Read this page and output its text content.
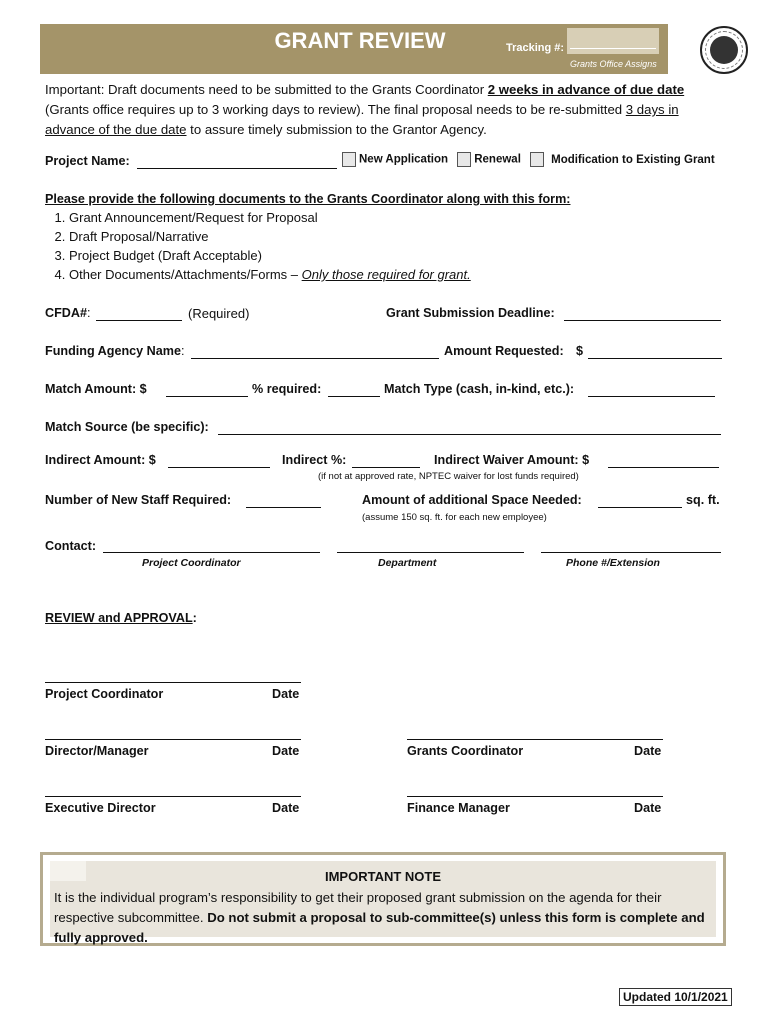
GRANT REVIEW	Tracking #:
Grants Office Assigns

Important: Draft documents need to be submitted to the Grants Coordinator 2 weeks in advance of due date (Grants office requires up to 3 working days to review). The final proposal needs to be re-submitted 3 days in advance of the due date to assure timely submission to the Grantor Agency.

Project Name:	New Application Renewal	Modification to Existing Grant
Please provide the following documents to the Grants Coordinator along with this form:
1. Grant Announcement/Request for Proposal
2. Draft Proposal/Narrative
3. Project Budget (Draft Acceptable)
4. Other Documents/Attachments/Forms – Only those required for grant.
CFDA#:	(Required)	Grant Submission Deadline:
Funding Agency Name:	Amount Requested: $
Match Amount: $	% required:	Match Type (cash, in-kind, etc.):
Match Source (be specific):
Indirect Amount: $	Indirect %:	Indirect Waiver Amount: $
(if not at approved rate, NPTEC waiver for lost funds required)
Number of New Staff Required:	Amount of additional Space Needed:	sq. ft.
(assume 150 sq. ft. for each new employee)
Contact:
Project Coordinator	Department	Phone #/Extension
REVIEW and APPROVAL:
Project Coordinator	Date
Director/Manager	Date	Grants Coordinator	Date
Executive Director	Date	Finance Manager	Date
IMPORTANT NOTE
It is the individual program’s responsibility to get their proposed grant submission on the agenda for their respective subcommittee. Do not submit a proposal to sub-committee(s) unless this form is complete and fully approved.
Updated 10/1/2021
